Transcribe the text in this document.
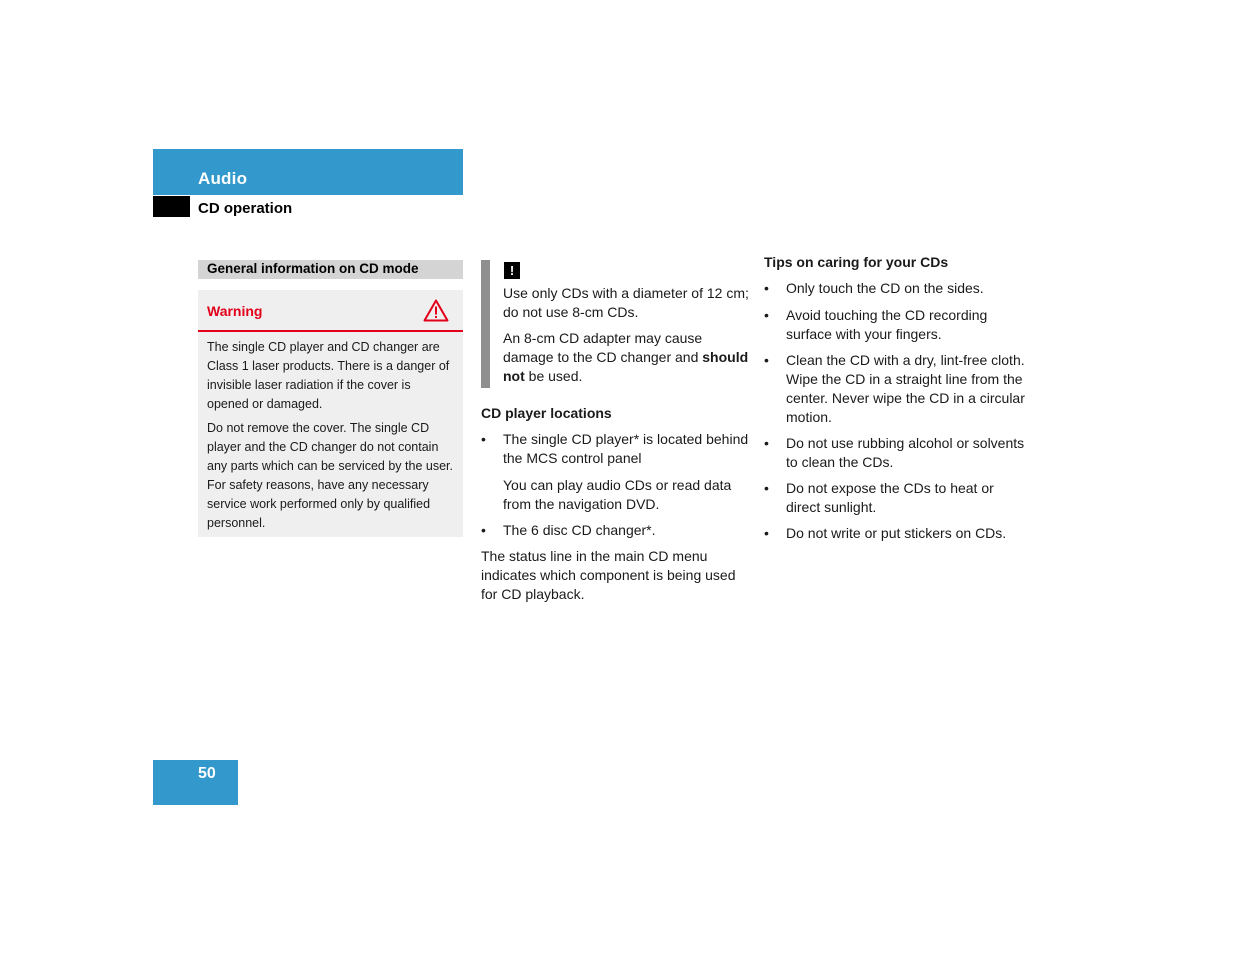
Audio
CD operation
General information on CD mode
Warning

The single CD player and CD changer are Class 1 laser products. There is a danger of invisible laser radiation if the cover is opened or damaged.

Do not remove the cover. The single CD player and the CD changer do not contain any parts which can be serviced by the user. For safety reasons, have any necessary service work performed only by qualified personnel.

!
Use only CDs with a diameter of 12 cm; do not use 8-cm CDs.
An 8-cm CD adapter may cause damage to the CD changer and should not be used.
CD player locations
• The single CD player* is located behind the MCS control panel
You can play audio CDs or read data from the navigation DVD.
• The 6 disc CD changer*.
The status line in the main CD menu indicates which component is being used for CD playback.
Tips on caring for your CDs
• Only touch the CD on the sides.
• Avoid touching the CD recording surface with your fingers.
• Clean the CD with a dry, lint-free cloth. Wipe the CD in a straight line from the center. Never wipe the CD in a circular motion.
• Do not use rubbing alcohol or solvents to clean the CDs.
• Do not expose the CDs to heat or direct sunlight.
• Do not write or put stickers on CDs.
50
